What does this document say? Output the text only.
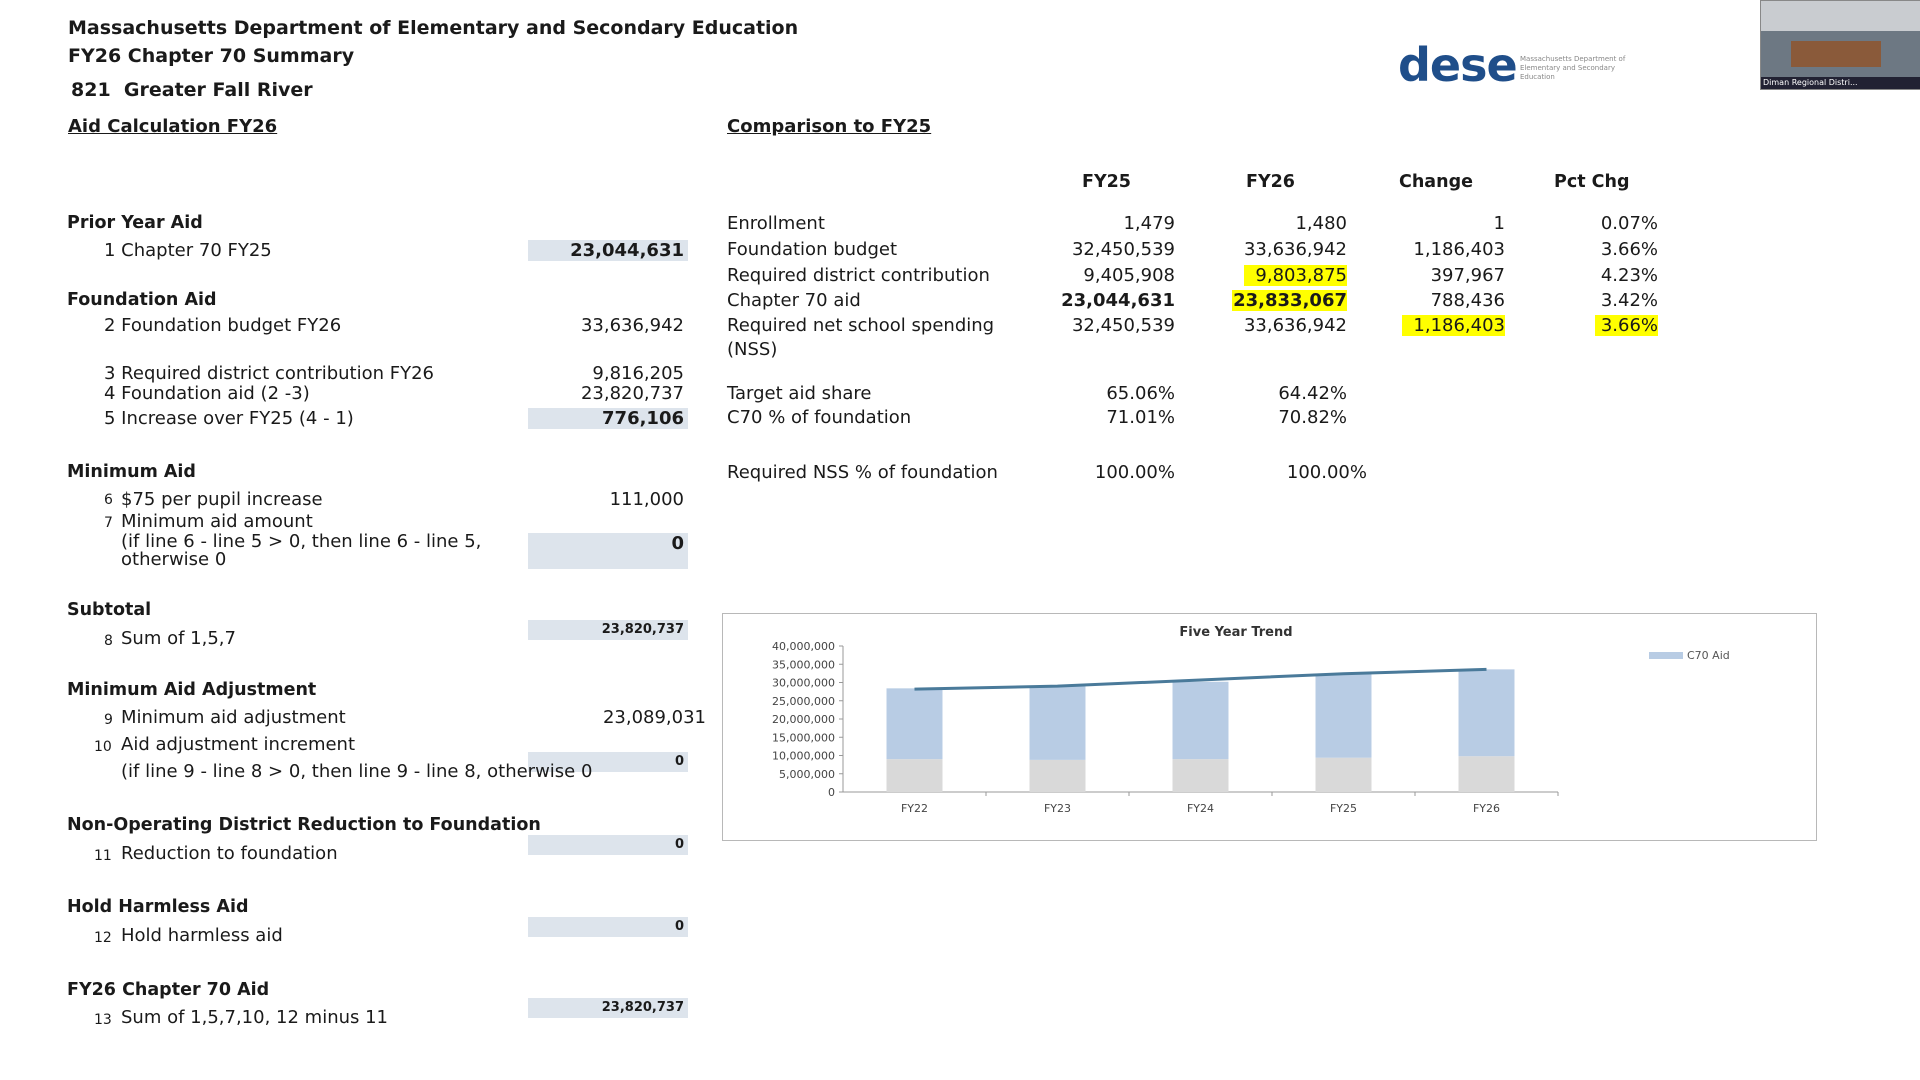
Massachusetts Department of Elementary and Secondary Education
FY26 Chapter 70 Summary
821  Greater Fall River	dese Massachusetts Department of Elementary and Secondary Education
Diman Regional Distri...
Aid Calculation FY26	Comparison to FY25
Prior Year Aid
1 Chapter 70 FY25	23,044,631
Foundation Aid
2 Foundation budget FY26	33,636,942
3 Required district contribution FY26	9,816,205
4 Foundation aid (2 -3)	23,820,737
5 Increase over FY25 (4 - 1)	776,106
Minimum Aid
6 $75 per pupil increase	111,000
7 Minimum aid amount
(if line 6 - line 5 > 0, then line 6 - line 5,
otherwise 0
0
Subtotal
8 Sum of 1,5,7	23,820,737
Minimum Aid Adjustment
9 Minimum aid adjustment	23,089,031
10 Aid adjustment increment
0
(if line 9 - line 8 > 0, then line 9 - line 8, otherwise 0
Non-Operating District Reduction to Foundation
11 Reduction to foundation	0
Hold Harmless Aid
12 Hold harmless aid	0
FY26 Chapter 70 Aid
13 Sum of 1,5,7,10, 12 minus 11	23,820,737
FY25	FY26	Change	Pct Chg
Enrollment	1,479	1,480	1	0.07%
Foundation budget	32,450,539	33,636,942	1,186,403	3.66%
Required district contribution	9,405,908	9,803,875	397,967	4.23%
Chapter 70 aid	23,044,631	23,833,067	788,436	3.42%
Required net school spending
(NSS)
32,450,539	33,636,942	1,186,403	3.66%
Target aid share	65.06%	64.42%
C70 % of foundation	71.01%	70.82%
Required NSS % of foundation	100.00%	100.00%
Five Year Trend
40,000,000
35,000,000
30,000,000
25,000,000
20,000,000
15,000,000
10,000,000
5,000,000
0
FY22	FY23	FY24	FY25	FY26
C70 Aid
